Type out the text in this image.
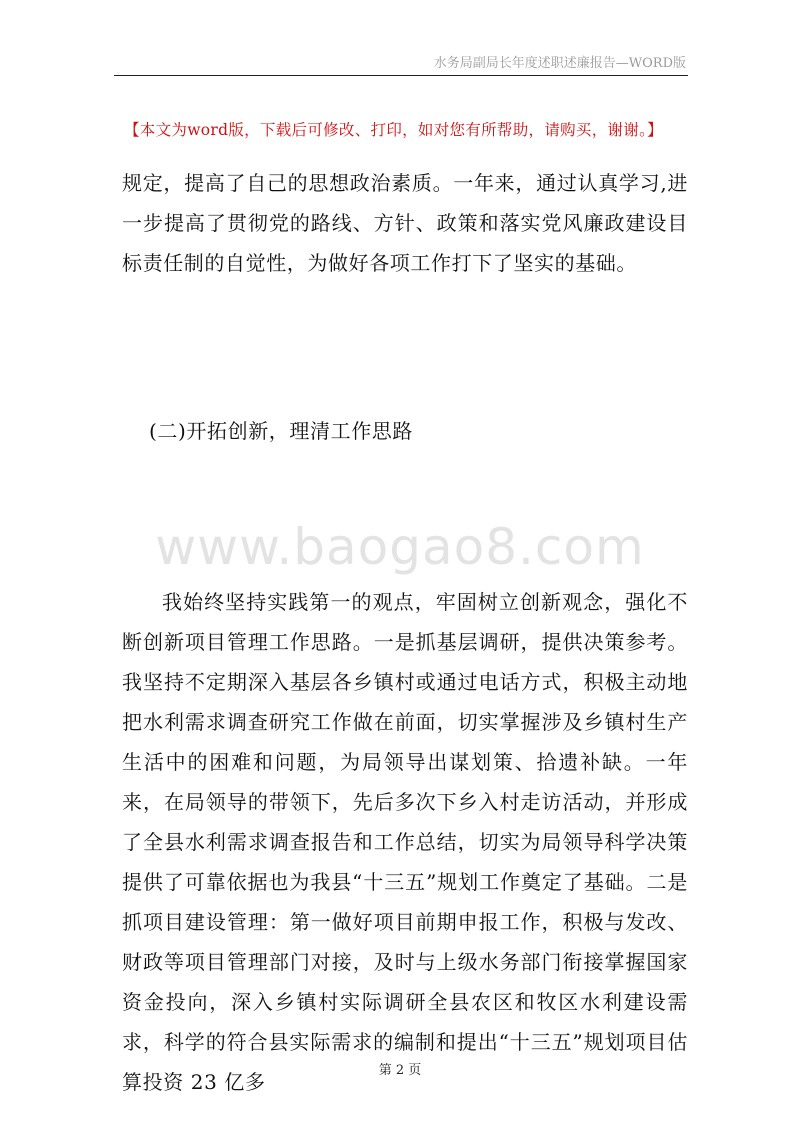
水务局副局长年度述职述廉报告—WORD版
【本文为word版，下载后可修改、打印，如对您有所帮助，请购买，谢谢。】
规定，提高了自己的思想政治素质。一年来，通过认真学习,进一步提高了贯彻党的路线、方针、政策和落实党风廉政建设目标责任制的自觉性，为做好各项工作打下了坚实的基础。
(二)开拓创新，理清工作思路
www.baogao8.com
我始终坚持实践第一的观点，牢固树立创新观念，强化不断创新项目管理工作思路。一是抓基层调研，提供决策参考。我坚持不定期深入基层各乡镇村或通过电话方式，积极主动地把水利需求调查研究工作做在前面，切实掌握涉及乡镇村生产生活中的困难和问题，为局领导出谋划策、拾遗补缺。一年来，在局领导的带领下，先后多次下乡入村走访活动，并形成了全县水利需求调查报告和工作总结，切实为局领导科学决策提供了可靠依据也为我县“十三五”规划工作奠定了基础。二是抓项目建设管理：第一做好项目前期申报工作，积极与发改、财政等项目管理部门对接，及时与上级水务部门衔接掌握国家资金投向，深入乡镇村实际调研全县农区和牧区水利建设需求，科学的符合县实际需求的编制和提出“十三五”规划项目估算投资 23 亿多	第 2 页
